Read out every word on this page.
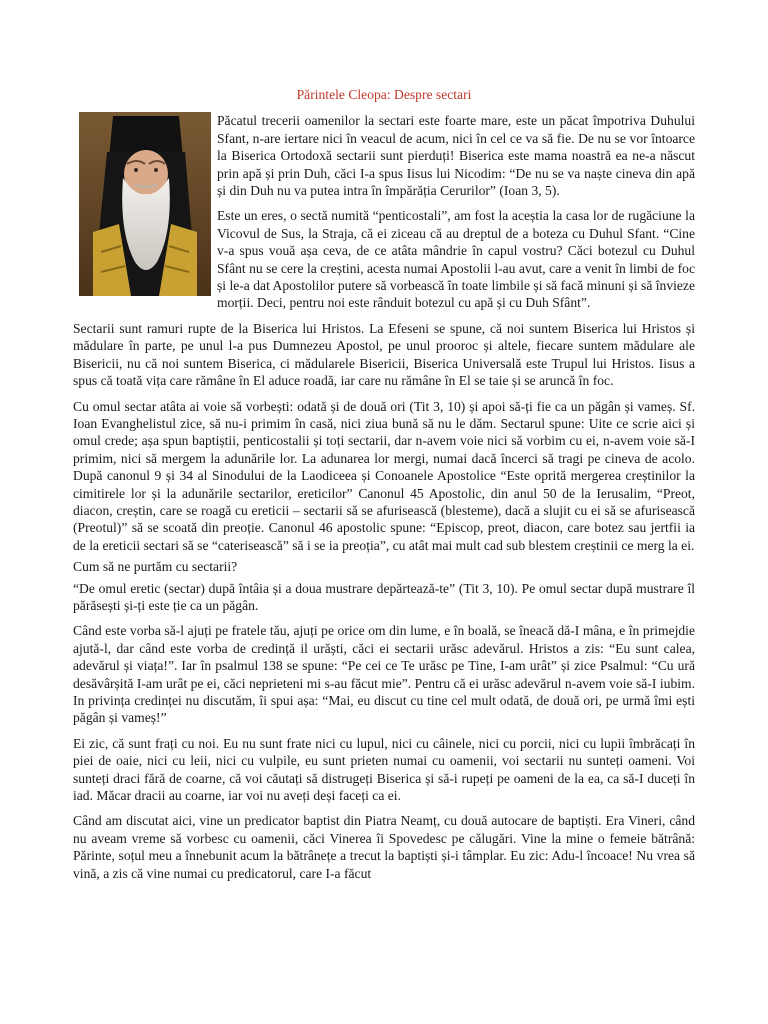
Părintele Cleopa: Despre sectari

Păcatul trecerii oamenilor la sectari este foarte mare, este un păcat împotriva Duhului Sfant, n-are iertare nici în veacul de acum, nici în cel ce va să fie. De nu se vor întoarce la Biserica Ortodoxă sectarii sunt pierduți! Biserica este mama noastră ea ne-a născut prin apă și prin Duh, căci I-a spus Iisus lui Nicodim: “De nu se va naște cineva din apă și din Duh nu va putea intra în împărăția Cerurilor” (Ioan 3, 5).

Este un eres, o sectă numită “penticostali”, am fost la aceștia la casa lor de rugăciune la Vicovul de Sus, la Straja, că ei ziceau că au dreptul de a boteza cu Duhul Sfant. “Cine v-a spus vouă așa ceva, de ce atâta mândrie în capul vostru? Căci botezul cu Duhul Sfânt nu se cere la creștini, acesta numai Apostolii l-au avut, care a venit în limbi de foc și le-a dat Apostolilor putere să vorbească în toate limbile și să facă minuni și să învieze morții. Deci, pentru noi este rânduit botezul cu apă și cu Duh Sfânt”.

Sectarii sunt ramuri rupte de la Biserica lui Hristos. La Efeseni se spune, că noi suntem Biserica lui Hristos și mădulare în parte, pe unul l-a pus Dumnezeu Apostol, pe unul prooroc și altele, fiecare suntem mădulare ale Bisericii, nu că noi suntem Biserica, ci mădularele Bisericii, Biserica Universală este Trupul lui Hristos. Iisus a spus că toată vița care rămâne în El aduce roadă, iar care nu rămâne în El se taie și se aruncă în foc.

Cu omul sectar atâta ai voie să vorbești: odată și de două ori (Tit 3, 10) și apoi să-ți fie ca un păgân și vameș. Sf. Ioan Evanghelistul zice, să nu-i primim în casă, nici ziua bună să nu le dăm. Sectarul spune: Uite ce scrie aici și omul crede; așa spun baptiștii, penticostalii și toți sectarii, dar n-avem voie nici să vorbim cu ei, n-avem voie să-I primim, nici să mergem la adunările lor. La adunarea lor mergi, numai dacă încerci să tragi pe cineva de acolo. După canonul 9 și 34 al Sinodului de la Laodiceea și Conoanele Apostolice “Este oprită mergerea creștinilor la cimitirele lor și la adunările sectarilor, ereticilor” Canonul 45 Apostolic, din anul 50 de la Ierusalim, “Preot, diacon, creștin, care se roagă cu ereticii – sectarii să se afurisească (blesteme), dacă a slujit cu ei să se afurisească (Preotul)” să se scoată din preoție. Canonul 46 apostolic spune: “Episcop, preot, diacon, care botez sau jertfii ia de la ereticii sectari să se “caterisească” să i se ia preoția”, cu atât mai mult cad sub blestem creștinii ce merg la ei.

Cum să ne purtăm cu sectarii?

“De omul eretic (sectar) după întâia și a doua mustrare depărtează-te” (Tit 3, 10). Pe omul sectar după mustrare îl părăsești și-ți este ție ca un păgân.

Când este vorba să-l ajuți pe fratele tău, ajuți pe orice om din lume, e în boală, se îneacă dă-I mâna, e în primejdie ajută-l, dar când este vorba de credință il urăști, căci ei sectarii urăsc adevărul. Hristos a zis: “Eu sunt calea, adevărul și viața!”. Iar în psalmul 138 se spune: “Pe cei ce Te urăsc pe Tine, I-am urât” și zice Psalmul: “Cu ură desăvârșită I-am urât pe ei, căci neprieteni mi s-au făcut mie”. Pentru că ei urăsc adevărul n-avem voie să-I iubim. In privința credinței nu discutăm, îi spui așa: “Mai, eu discut cu tine cel mult odată, de două ori, pe urmă îmi ești păgân și vameș!”

Ei zic, că sunt frați cu noi. Eu nu sunt frate nici cu lupul, nici cu câinele, nici cu porcii, nici cu lupii îmbrăcați în piei de oaie, nici cu leii, nici cu vulpile, eu sunt prieten numai cu oamenii, voi sectarii nu sunteți oameni. Voi sunteți draci fără de coarne, că voi căutați să distrugeți Biserica și să-i rupeți pe oameni de la ea, ca să-I duceți în iad. Măcar dracii au coarne, iar voi nu aveți deși faceți ca ei.

Când am discutat aici, vine un predicator baptist din Piatra Neamț, cu două autocare de baptiști. Era Vineri, când nu aveam vreme să vorbesc cu oamenii, căci Vinerea îi Spovedesc pe călugări. Vine la mine o femeie bătrână: Părinte, soțul meu a înnebunit acum la bătrânețe a trecut la baptiști și-i tâmplar. Eu zic: Adu-l încoace! Nu vrea să vină, a zis că vine numai cu predicatorul, care I-a făcut
